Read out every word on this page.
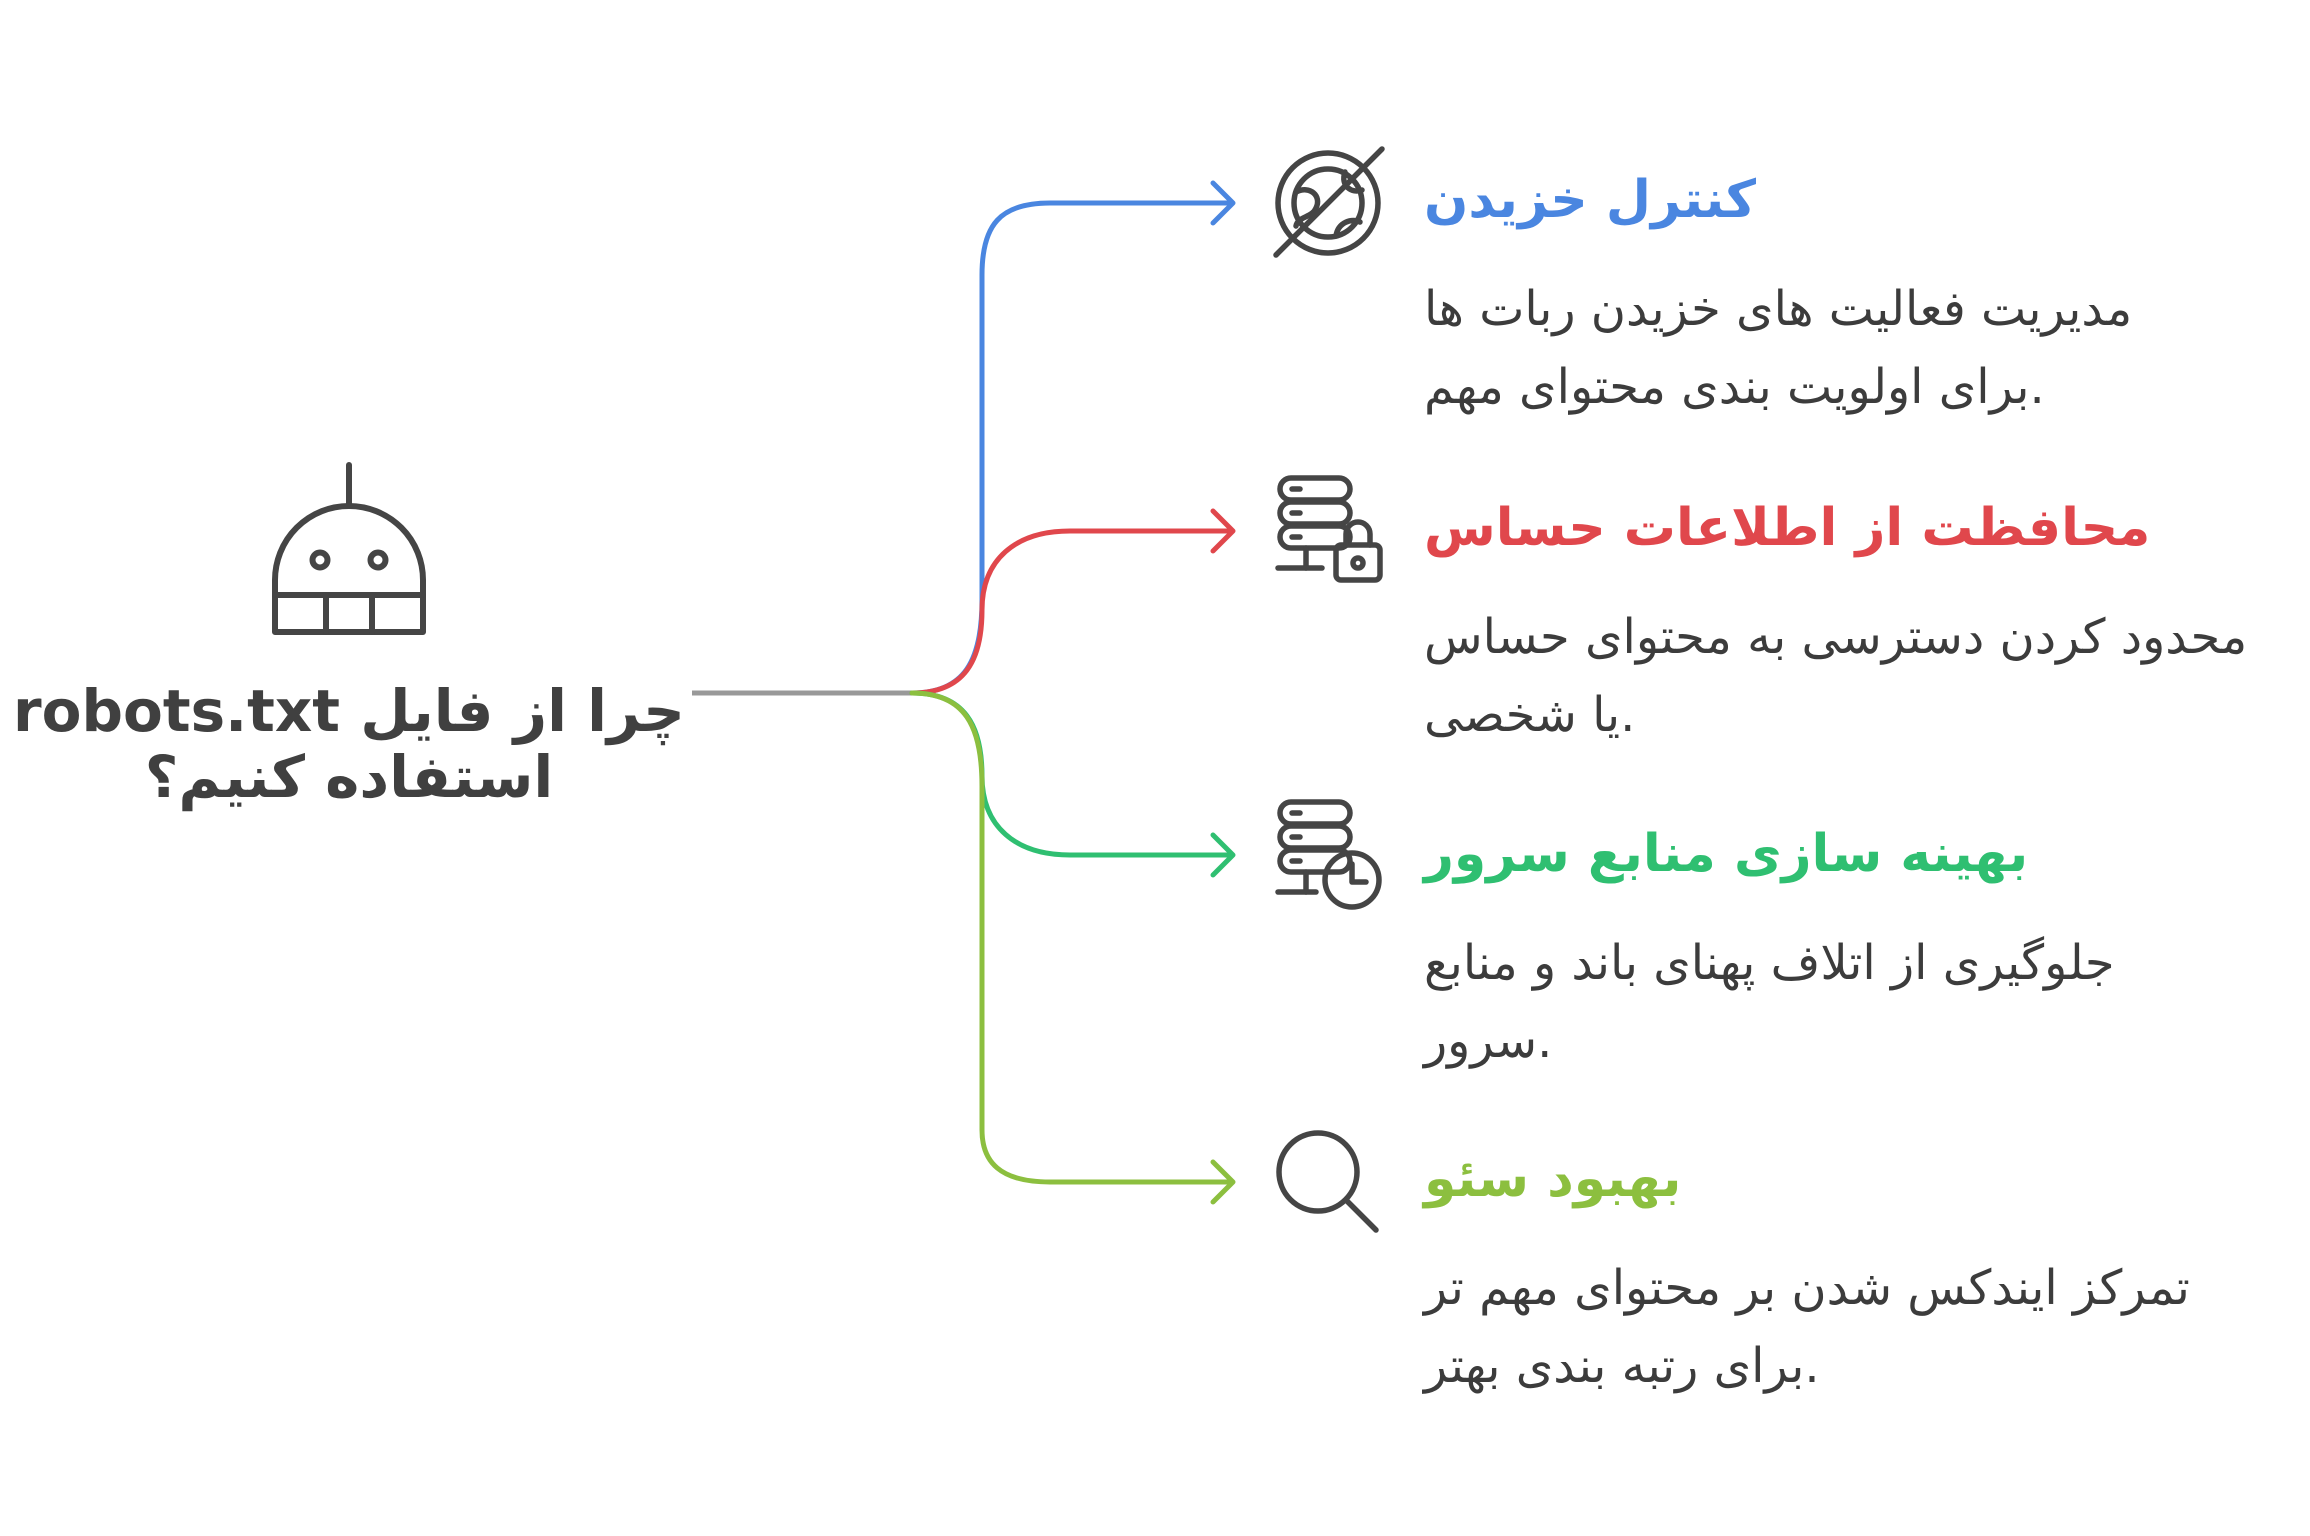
robots.txt چرا از فایل
استفاده کنیم؟
کنترل خزیدن
مدیریت فعالیت های خزیدن ربات ها
برای اولویت بندی محتوای مهم.
محافظت از اطلاعات حساس
محدود کردن دسترسی به محتوای حساس
یا شخصی.
بهینه سازی منابع سرور
جلوگیری از اتلاف پهنای باند و منابع
سرور.
بهبود سئو
تمرکز ایندکس شدن بر محتوای مهم تر
برای رتبه بندی بهتر.
